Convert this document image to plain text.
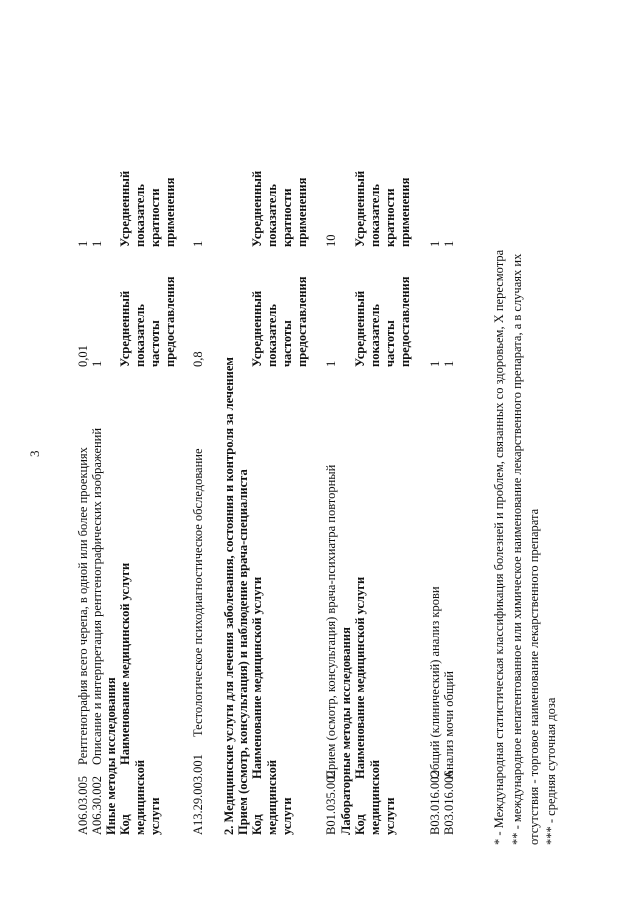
3
A06.03.005
Рентгенография всего черепа, в одной или более проекциях
0,01
1
A06.30.002
Описание и интерпретация рентгенографических изображений
1
1
Иные методы исследования Код
медицинской
услуги
Наименование медицинской услуги
Усредненный
показатель
частоты
предоставления
Усредненный
показатель
кратности
применения
A13.29.003.001
Тестологическое психодиагностическое обследование
0,8
1
2. Медицинские услуги для лечения заболевания, состояния и контроля за лечением Прием (осмотр, консультация) и наблюдение врача-специалиста Код
медицинской
услуги
Наименование медицинской услуги
Усредненный
показатель
частоты
предоставления
Усредненный
показатель
кратности
применения
B01.035.002
Прием (осмотр, консультация) врача-психиатра повторный
1
10
Лабораторные методы исследования Код
медицинской
услуги
Наименование медицинской услуги
Усредненный
показатель
частоты
предоставления
Усредненный
показатель
кратности
применения
B03.016.002
Общий (клинический) анализ крови
1
1
B03.016.006
Анализ мочи общий
1
1
* - Международная статистическая классификация болезней и проблем, связанных со здоровьем, X пересмотра ** - международное непатентованное или химическое наименование лекарственного препарата, а в случаях их отсутствия - торговое наименование лекарственного препарата *** - средняя суточная доза
